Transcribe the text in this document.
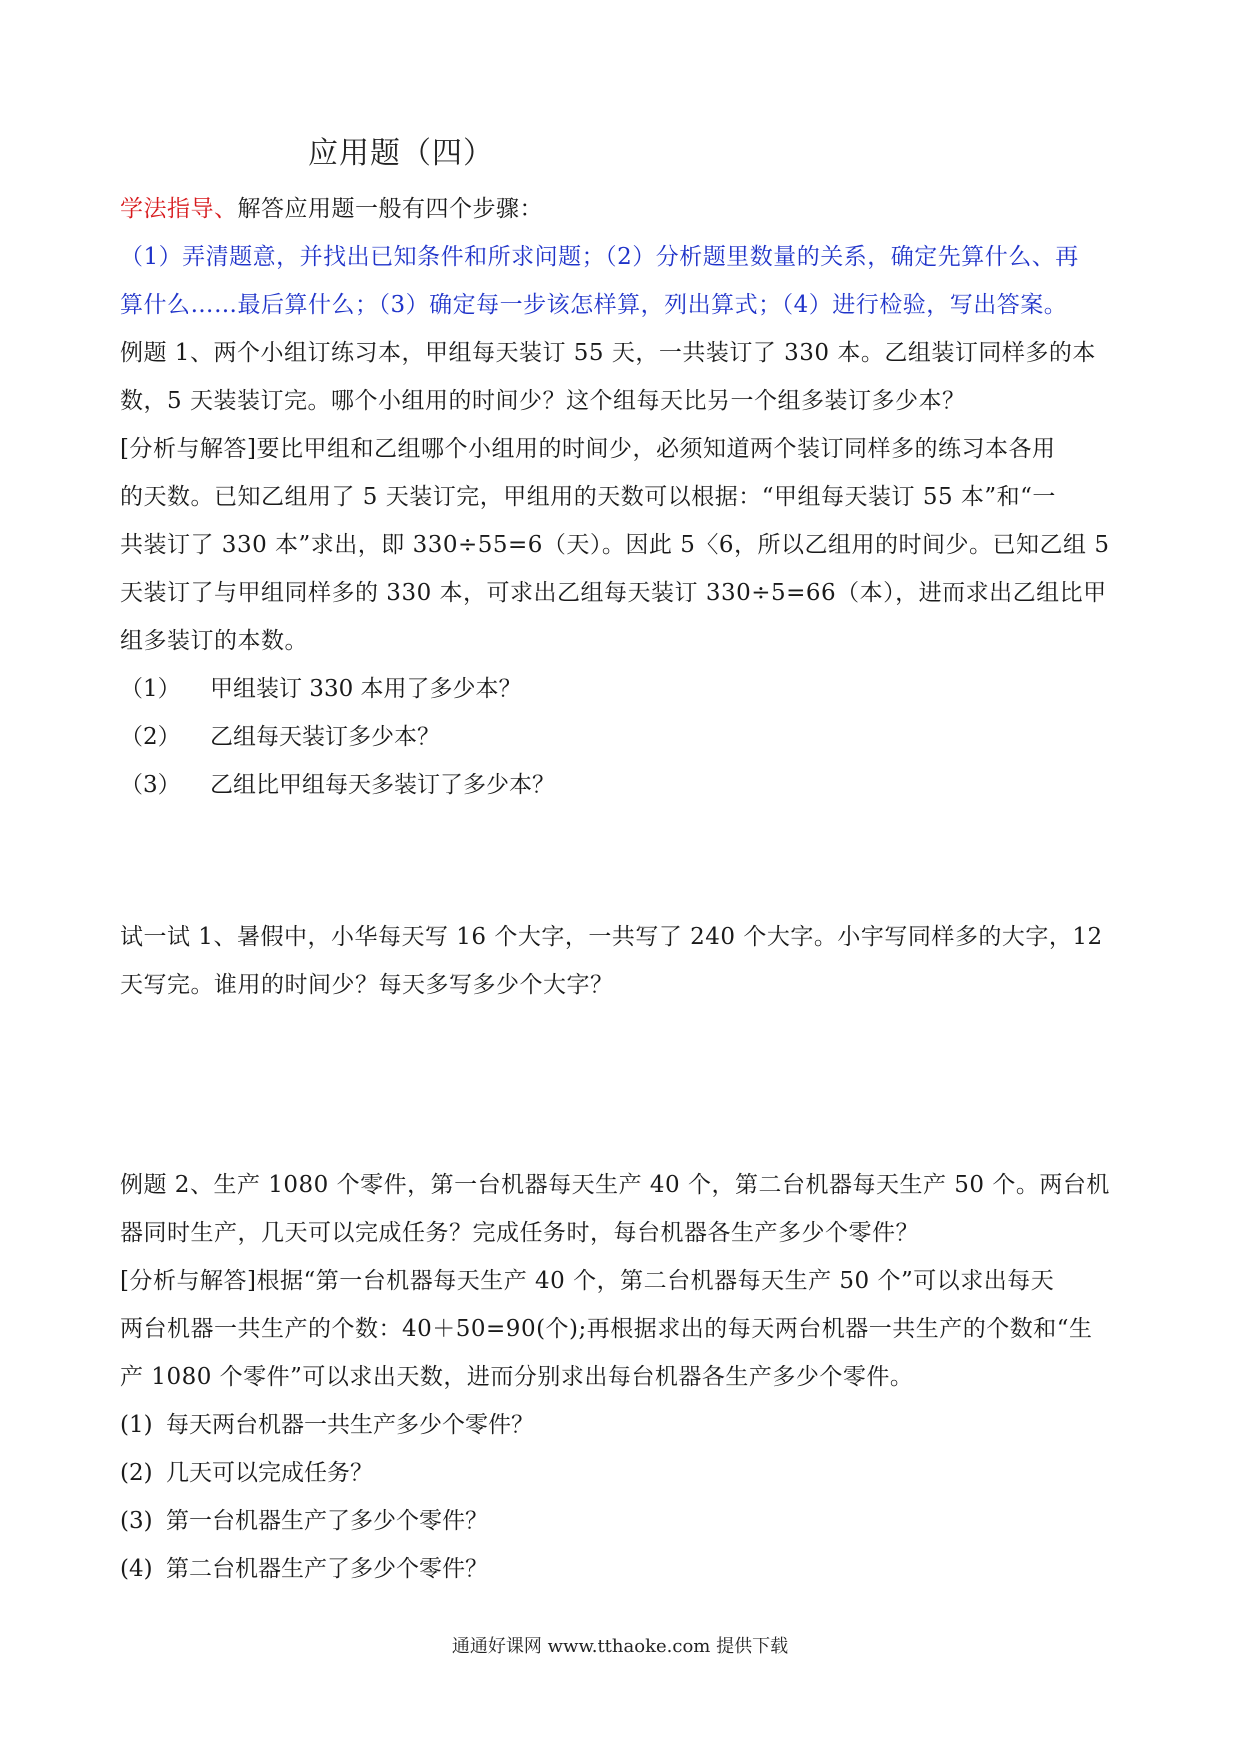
应用题（四）
学法指导、解答应用题一般有四个步骤：
（1）弄清题意，并找出已知条件和所求问题；（2）分析题里数量的关系，确定先算什么、再
算什么……最后算什么；（3）确定每一步该怎样算，列出算式；（4）进行检验，写出答案。
例题 1、两个小组订练习本，甲组每天装订 55 天，一共装订了 330 本。乙组装订同样多的本
数，5 天装装订完。哪个小组用的时间少？这个组每天比另一个组多装订多少本？
[分析与解答]要比甲组和乙组哪个小组用的时间少，必须知道两个装订同样多的练习本各用
的天数。已知乙组用了 5 天装订完，甲组用的天数可以根据：“甲组每天装订 55 本”和“一
共装订了 330 本”求出，即 330÷55=6（天）。因此 5〈6，所以乙组用的时间少。已知乙组 5
天装订了与甲组同样多的 330 本，可求出乙组每天装订 330÷5=66（本），进而求出乙组比甲
组多装订的本数。
（1） 甲组装订 330 本用了多少本？
（2） 乙组每天装订多少本？
（3） 乙组比甲组每天多装订了多少本？
试一试 1、暑假中，小华每天写 16 个大字，一共写了 240 个大字。小宇写同样多的大字，12
天写完。谁用的时间少？每天多写多少个大字？
例题 2、生产 1080 个零件，第一台机器每天生产 40 个，第二台机器每天生产 50 个。两台机
器同时生产，几天可以完成任务？完成任务时，每台机器各生产多少个零件？
[分析与解答]根据“第一台机器每天生产 40 个，第二台机器每天生产 50 个”可以求出每天
两台机器一共生产的个数：40＋50=90(个);再根据求出的每天两台机器一共生产的个数和“生
产 1080 个零件”可以求出天数，进而分别求出每台机器各生产多少个零件。
(1) 每天两台机器一共生产多少个零件？
(2) 几天可以完成任务？
(3) 第一台机器生产了多少个零件？
(4) 第二台机器生产了多少个零件？
通通好课网 www.tthaoke.com 提供下载
